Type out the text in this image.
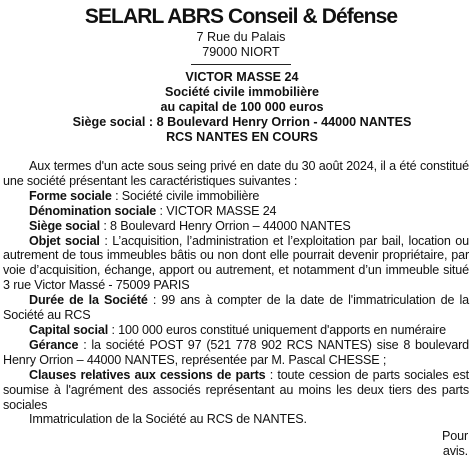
SELARL ABRS Conseil & Défense
7 Rue du Palais
79000 NIORT
VICTOR MASSE 24
Société civile immobilière
au capital de 100 000 euros
Siège social : 8 Boulevard Henry Orrion - 44000 NANTES
RCS NANTES EN COURS

Aux termes d'un acte sous seing privé en date du 30 août 2024, il a été constitué une société présentant les caractéristiques suivantes :

Forme sociale : Société civile immobilière

Dénomination sociale : VICTOR MASSE 24

Siège social : 8 Boulevard Henry Orrion – 44000 NANTES

Objet social : L’acquisition, l’administration et l’exploitation par bail, location ou autrement de tous immeubles bâtis ou non dont elle pourrait devenir propriétaire, par voie d’acquisition, échange, apport ou autrement, et notamment d’un immeuble situé 3 rue Victor Massé - 75009 PARIS

Durée de la Société : 99 ans à compter de la date de l'immatriculation de la Société au RCS

Capital social : 100 000 euros constitué uniquement d'apports en numéraire

Gérance : la société POST 97 (521 778 902 RCS NANTES) sise 8 boulevard Henry Orrion – 44000 NANTES, représentée par M. Pascal CHESSE ;

Clauses relatives aux cessions de parts : toute cession de parts sociales est soumise à l'agrément des associés représentant au moins les deux tiers des parts sociales

Immatriculation de la Société au RCS de NANTES.

Pour
avis.
